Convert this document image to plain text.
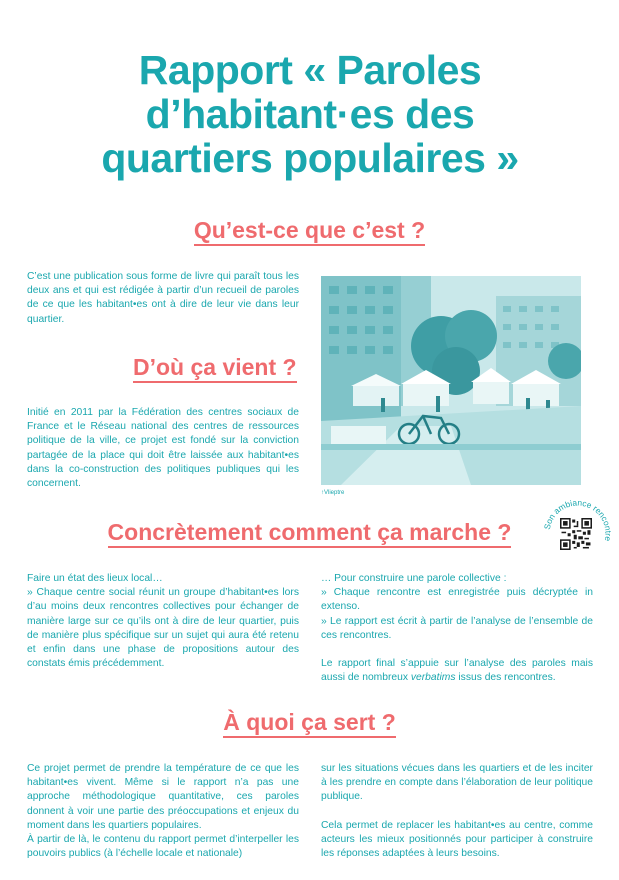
Rapport « Paroles
d’habitant·es des
quartiers populaires »
Qu’est-ce que c’est ?

C’est une publication sous forme de livre qui paraît tous les deux ans et qui est rédigée à partir d’un recueil de paroles de ce que les habitant•es ont à dire de leur vie dans leur quartier.

D’où ça vient ?

Initié en 2011 par la Fédération des centres sociaux de France et le Réseau national des centres de ressources politique de la ville, ce projet est fondé sur la conviction partagée de la place qui doit être laissée aux habitant•es dans la co-construction des politiques publiques qui les concernent.

↑Vlieptre
Son ambiance rencontre
Concrètement comment ça marche ?

Faire un état des lieux local…

» Chaque centre social réunit un groupe d’habitant•es lors d’au moins deux rencontres collectives pour échanger de manière large sur ce qu’ils ont à dire de leur quartier, puis de manière plus spécifique sur un sujet qui aura été retenu et enfin dans une phase de propositions autour des constats émis précédemment.

… Pour construire une parole collective :

» Chaque rencontre est enregistrée puis décryptée in extenso.

» Le rapport est écrit à partir de l’analyse de l’ensemble de ces rencontres.

Le rapport final s’appuie sur l’analyse des paroles mais aussi de nombreux verbatims issus des rencontres.

À quoi ça sert ?

Ce projet permet de prendre la température de ce que les habitant•es vivent. Même si le rapport n’a pas une approche méthodologique quantitative, ces paroles donnent à voir une partie des préoccupations et enjeux du moment dans les quartiers populaires.

À partir de là, le contenu du rapport permet d’interpeller les pouvoirs publics (à l’échelle locale et nationale)

sur les situations vécues dans les quartiers et de les inciter à les prendre en compte dans l’élaboration de leur politique publique.

Cela permet de replacer les habitant•es au centre, comme acteurs les mieux positionnés pour participer à construire les réponses adaptées à leurs besoins.
